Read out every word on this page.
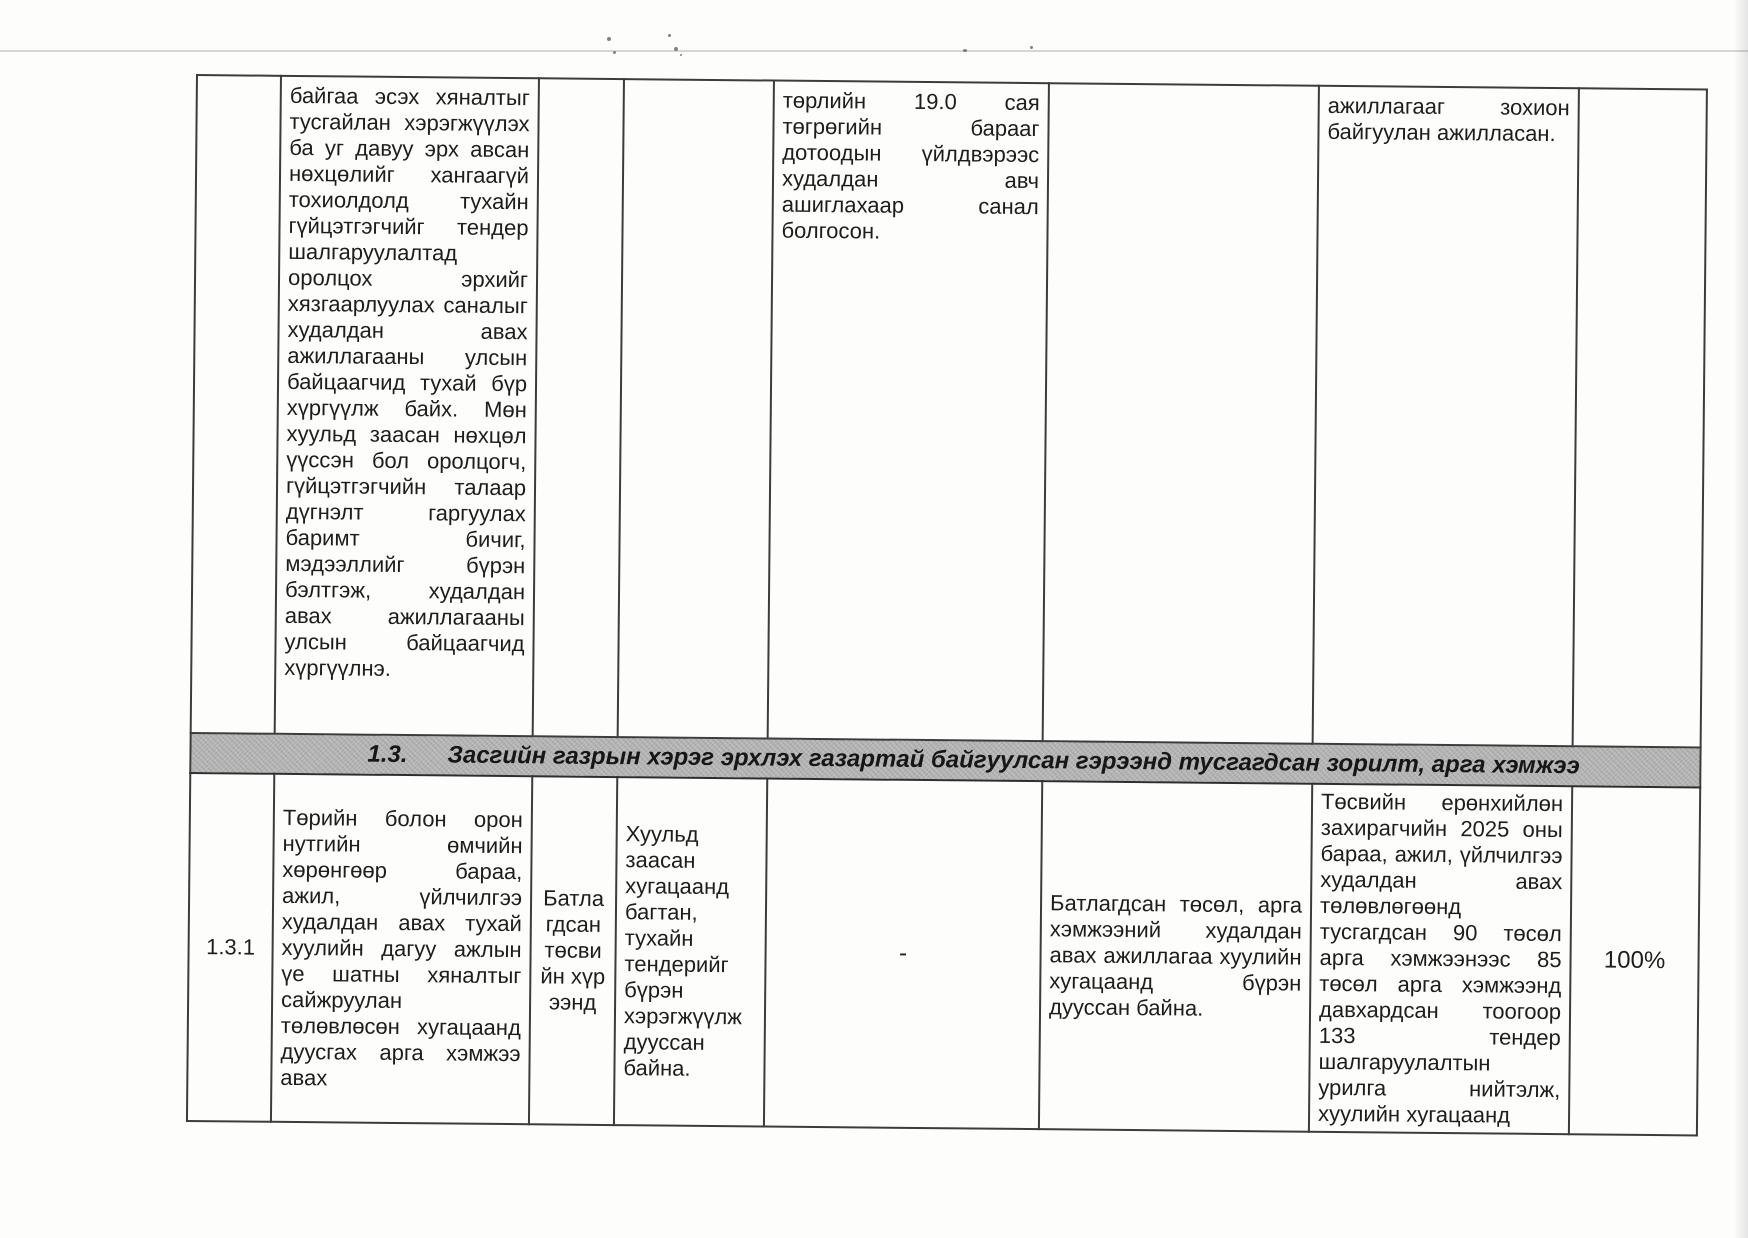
	байгаа эсэх хяналтыг тусгайлан хэрэгжүүлэх ба уг давуу эрх авсан нөхцөлийг хангаагүй тохиолдолд тухайн гүйцэтгэгчийг тендер шалгаруулалтад оролцох эрхийг хязгаарлуулах саналыг худалдан авах ажиллагааны улсын байцаагчид тухай бүр хүргүүлж байх. Мөн хуульд заасан нөхцөл үүссэн бол оролцогч, гүйцэтгэгчийн талаар дүгнэлт гаргуулах баримт бичиг, мэдээллийг бүрэн бэлтгэж, худалдан авах ажиллагааны улсын байцаагчид хүргүүлнэ.			төрлийн 19.0 сая төгрөгийн барааг дотоодын үйлдвэрээс худалдан авч ашиглахаар санал болгосон.		ажиллагааг зохион байгуулан ажилласан.	

1.3. Засгийн газрын хэрэг эрхлэх газартай байгуулсан гэрээнд тусгагдсан зорилт, арга хэмжээ							

1.3.1	Төрийн болон орон нутгийн өмчийн хөрөнгөөр бараа, ажил, үйлчилгээ худалдан авах тухай хуулийн дагуу ажлын үе шатны хяналтыг сайжруулан төлөвлөсөн хугацаанд дуусгах арга хэмжээ авах	Батлагдсан төсвийн хүрээнд	Хуульд заасан хугацаанд багтан, тухайн тендерийг бүрэн хэрэгжүүлж дууссан байна.	-	Батлагдсан төсөл, арга хэмжээний худалдан авах ажиллагаа хуулийн хугацаанд бүрэн дууссан байна.	Төсвийн ерөнхийлөн захирагчийн 2025 оны бараа, ажил, үйлчилгээ худалдан авах төлөвлөгөөнд тусгагдсан 90 төсөл арга хэмжээнээс 85 төсөл арга хэмжээнд давхардсан тоогоор 133 тендер шалгаруулалтын урилга нийтэлж, хуулийн хугацаанд	100%
